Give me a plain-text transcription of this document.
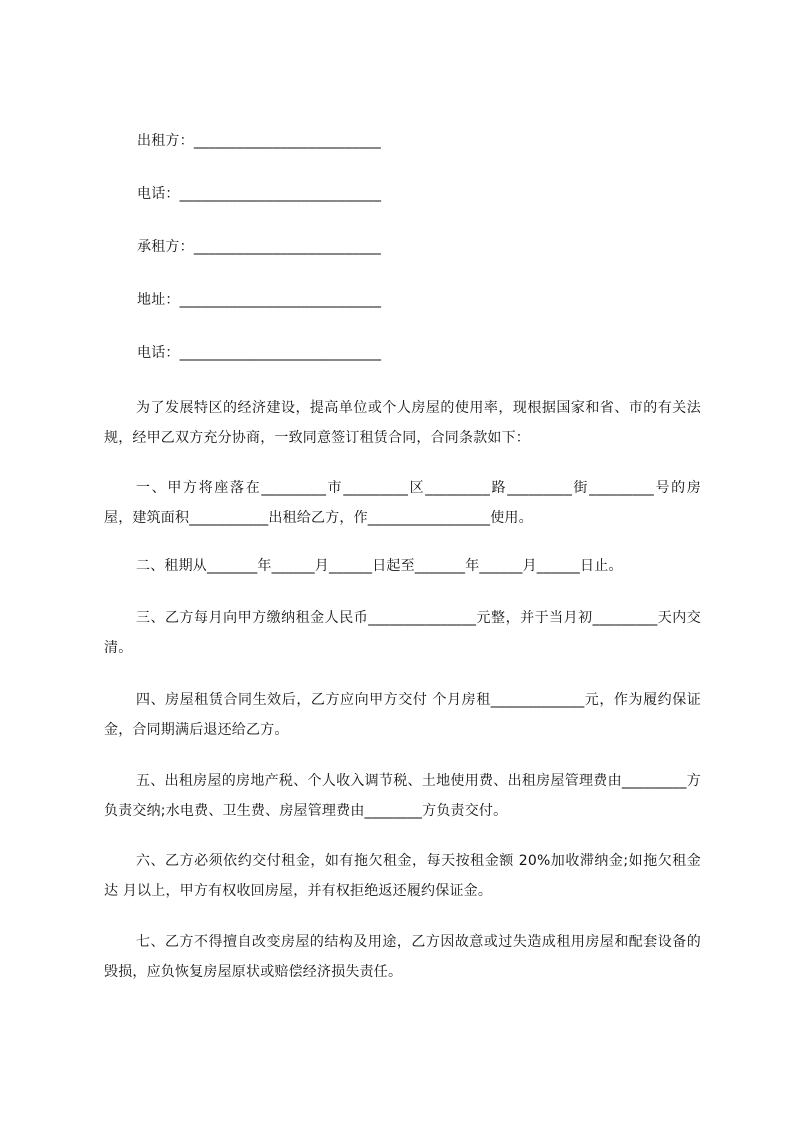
出租方：__________________________
电话：____________________________
承租方：__________________________
地址：____________________________
电话：____________________________

为了发展特区的经济建设，提高单位或个人房屋的使用率，现根据国家和省、市的有关法规，经甲乙双方充分协商，一致同意签订租赁合同，合同条款如下：

一、甲方将座落在_________市_________区_________路_________街_________号的房屋，建筑面积___________出租给乙方，作_________________使用。

二、租期从_______年______月______日起至_______年______月______日止。

三、乙方每月向甲方缴纳租金人民币_______________元整，并于当月初_________天内交清。

四、房屋租赁合同生效后，乙方应向甲方交付 个月房租_____________元，作为履约保证金，合同期满后退还给乙方。

五、出租房屋的房地产税、个人收入调节税、土地使用费、出租房屋管理费由_________方负责交纳;水电费、卫生费、房屋管理费由________方负责交付。

六、乙方必须依约交付租金，如有拖欠租金，每天按租金额 20%加收滞纳金;如拖欠租金达 月以上，甲方有权收回房屋，并有权拒绝返还履约保证金。

七、乙方不得擅自改变房屋的结构及用途，乙方因故意或过失造成租用房屋和配套设备的毁损，应负恢复房屋原状或赔偿经济损失责任。
